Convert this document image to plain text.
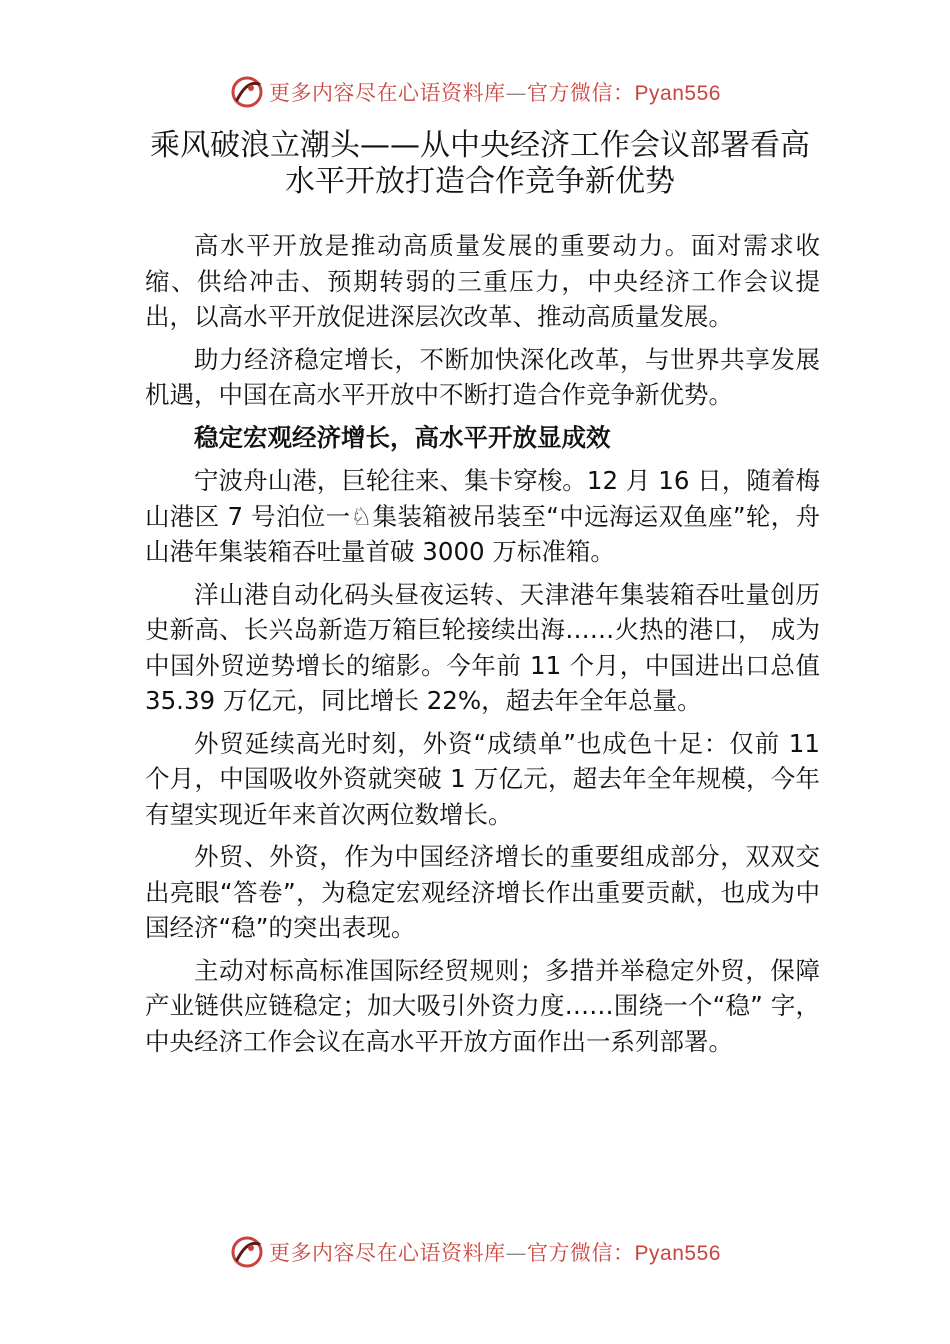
更多内容尽在心语资料库—官方微信：Pyan556
乘风破浪立潮头——从中央经济工作会议部署看高
水平开放打造合作竞争新优势

高水平开放是推动高质量发展的重要动力。面对需求收缩、供给冲击、预期转弱的三重压力，中央经济工作会议提出，以高水平开放促进深层次改革、推动高质量发展。

助力经济稳定增长，不断加快深化改革，与世界共享发展机遇，中国在高水平开放中不断打造合作竞争新优势。

稳定宏观经济增长，高水平开放显成效

宁波舟山港，巨轮往来、集卡穿梭。12 月 16 日，随着梅山港区 7 号泊位一♘集装箱被吊装至“中远海运双鱼座”轮，舟山港年集装箱吞吐量首破 3000 万标准箱。

洋山港自动化码头昼夜运转、天津港年集装箱吞吐量创历史新高、长兴岛新造万箱巨轮接续出海……火热的港口， 成为中国外贸逆势增长的缩影。今年前 11 个月，中国进出口总值 35.39 万亿元，同比增长 22%，超去年全年总量。

外贸延续高光时刻，外资“成绩单”也成色十足：仅前 11 个月，中国吸收外资就突破 1 万亿元，超去年全年规模，今年有望实现近年来首次两位数增长。

外贸、外资，作为中国经济增长的重要组成部分，双双交出亮眼“答卷”，为稳定宏观经济增长作出重要贡献，也成为中国经济“稳”的突出表现。

主动对标高标准国际经贸规则；多措并举稳定外贸，保障产业链供应链稳定；加大吸引外资力度……围绕一个“稳” 字，中央经济工作会议在高水平开放方面作出一系列部署。

更多内容尽在心语资料库—官方微信：Pyan556
